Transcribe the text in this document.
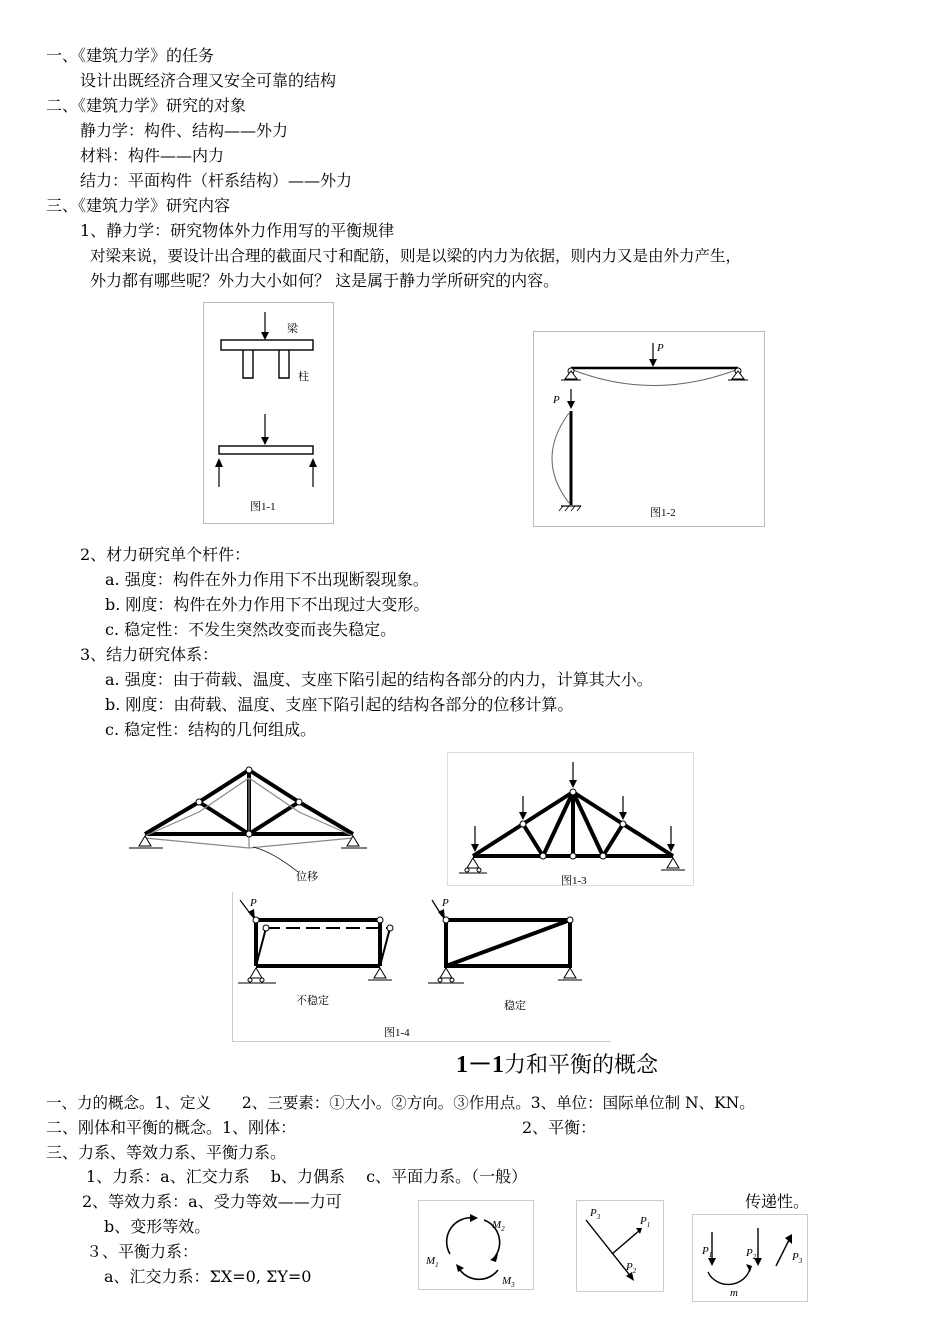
一、《建筑力学》的任务
设计出既经济合理又安全可靠的结构
二、《建筑力学》研究的对象
静力学：构件、结构——外力
材料：构件——内力
结力：平面构件（杆系结构）——外力
三、《建筑力学》研究内容
1、静力学：研究物体外力作用写的平衡规律
对梁来说，要设计出合理的截面尺寸和配筋，则是以梁的内力为依据，则内力又是由外力产生，
外力都有哪些呢？外力大小如何？ 这是属于静力学所研究的内容。
梁
柱
图1-1
P
P
图1-2
2、材力研究单个杆件：
a. 强度：构件在外力作用下不出现断裂现象。
b. 刚度：构件在外力作用下不出现过大变形。
c. 稳定性：不发生突然改变而丧失稳定。
3、结力研究体系：
a. 强度：由于荷载、温度、支座下陷引起的结构各部分的内力，计算其大小。
b. 刚度：由荷载、温度、支座下陷引起的结构各部分的位移计算。
c. 稳定性：结构的几何组成。
位移	图1-3
P
不稳定
P
稳定
图1-4
1－1力和平衡的概念
一、力的概念。1、定义　　2、三要素：①大小。②方向。③作用点。3、单位：国际单位制 N、KN。
二、刚体和平衡的概念。1、刚体：	2、平衡：
三、力系、等效力系、平衡力系。
1、力系：a、汇交力系　 b、力偶系　 c、平面力系。（一般）
2、等效力系：a、受力等效——力可	传递性。
b、变形等效。
３、平衡力系：
a、汇交力系：ΣX=0, ΣY=0
$M_1$
$M_2$
$M_3$
$P_3$	$P_1$
$P_2$
$P_1$	$P_2$	$P_3$
m
